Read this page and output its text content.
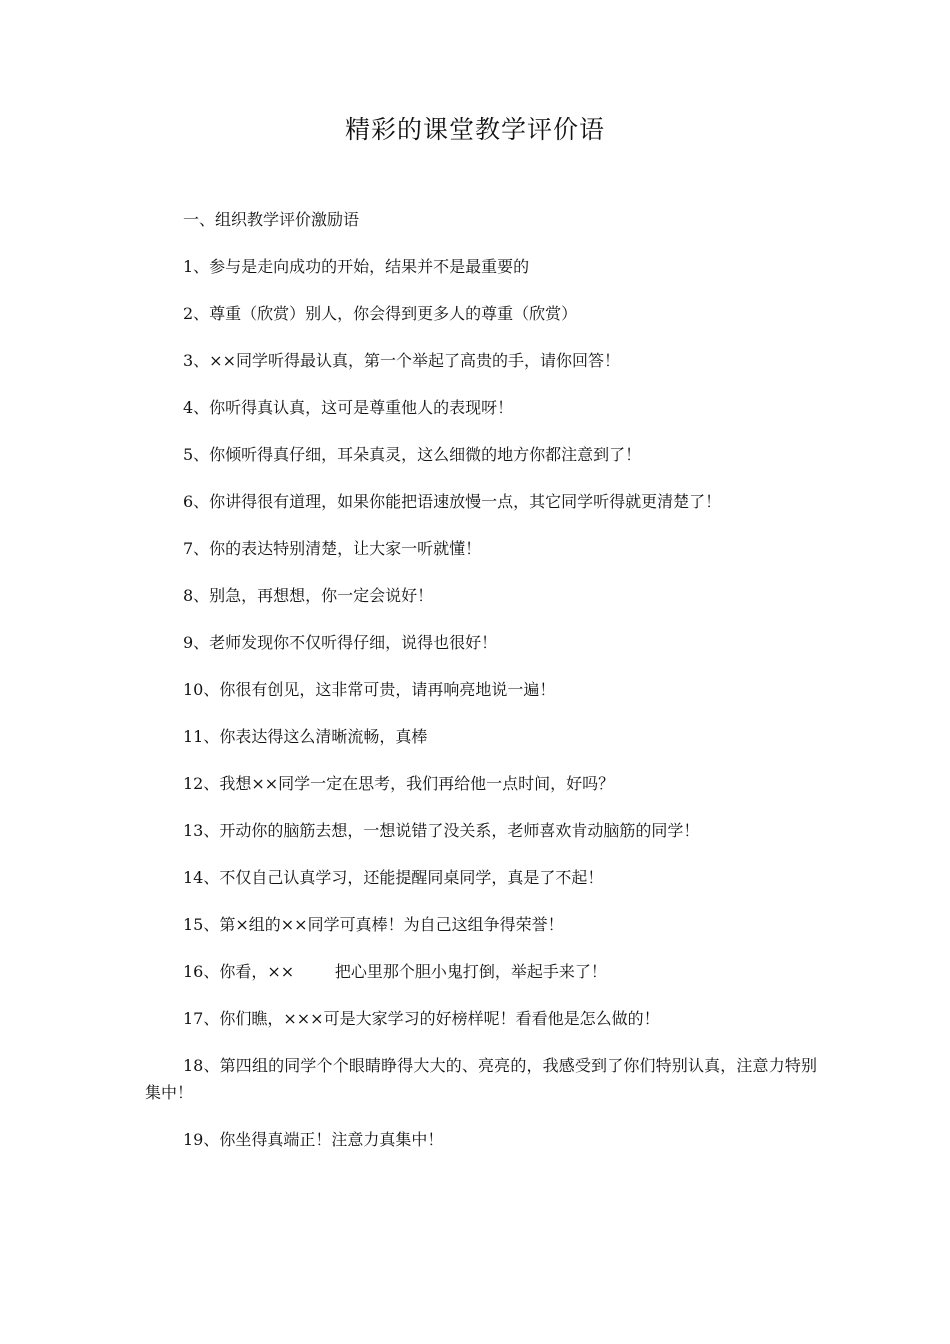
精彩的课堂教学评价语

一、组织教学评价激励语

1、参与是走向成功的开始，结果并不是最重要的

2、尊重（欣赏）别人，你会得到更多人的尊重（欣赏）

3、××同学听得最认真，第一个举起了高贵的手，请你回答！

4、你听得真认真，这可是尊重他人的表现呀！

5、你倾听得真仔细，耳朵真灵，这么细微的地方你都注意到了！

6、你讲得很有道理，如果你能把语速放慢一点，其它同学听得就更清楚了！

7、你的表达特别清楚，让大家一听就懂！

8、别急，再想想，你一定会说好！

9、老师发现你不仅听得仔细，说得也很好！

10、你很有创见，这非常可贵，请再响亮地说一遍！

11、你表达得这么清晰流畅，真棒

12、我想××同学一定在思考，我们再给他一点时间，好吗？

13、开动你的脑筋去想，一想说错了没关系，老师喜欢肯动脑筋的同学！

14、不仅自己认真学习，还能提醒同桌同学，真是了不起！

15、第×组的××同学可真棒！为自己这组争得荣誉！

16、你看，××        把心里那个胆小鬼打倒，举起手来了！

17、你们瞧，×××可是大家学习的好榜样呢！看看他是怎么做的！

18、第四组的同学个个眼睛睁得大大的、亮亮的，我感受到了你们特别认真，注意力特别集中！

19、你坐得真端正！注意力真集中！
